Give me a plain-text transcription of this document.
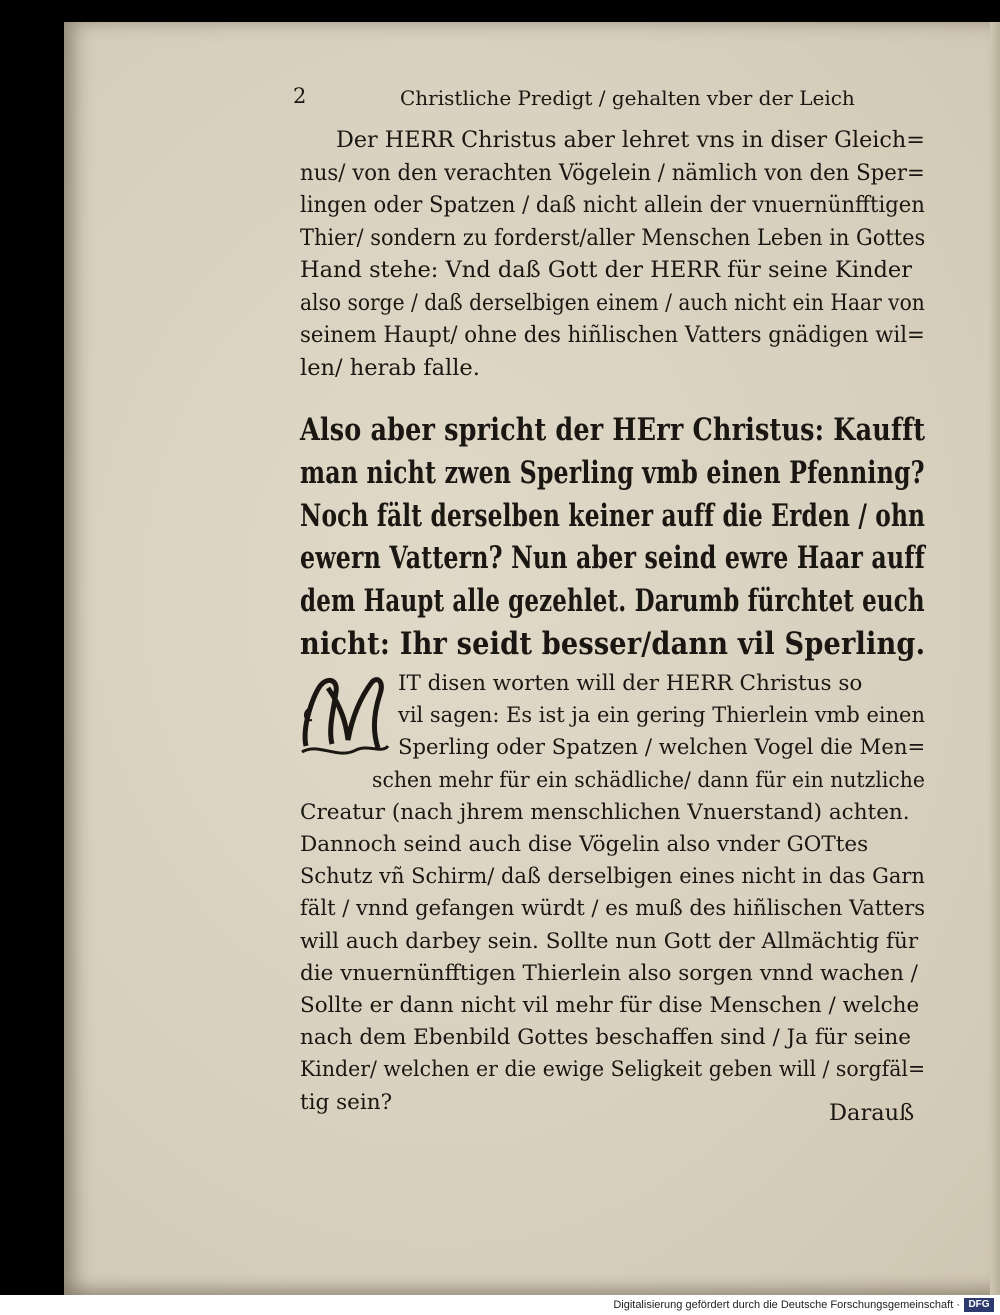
2	Christliche Predigt / gehalten vber der Leich
Der HERR Christus aber lehret vns in diser Gleich=
nus/ von den verachten Vögelein / nämlich von den Sper=
lingen oder Spatzen / daß nicht allein der vnuernünfftigen
Thier/ sondern zu forderst/aller Menschen Leben in Gottes
Hand stehe: Vnd daß Gott der HERR für seine Kinder
also sorge / daß derselbigen einem / auch nicht ein Haar von
seinem Haupt/ ohne des hiñlischen Vatters gnädigen wil=
len/ herab falle.
Also aber spricht der HErr Christus: Kaufft
man nicht zwen Sperling vmb einen Pfenning?
Noch fält derselben keiner auff die Erden / ohn
ewern Vattern? Nun aber seind ewre Haar auff
dem Haupt alle gezehlet. Darumb fürchtet euch
nicht: Ihr seidt besser/dann vil Sperling.
IT disen worten will der HERR Christus so
vil sagen: Es ist ja ein gering Thierlein vmb einen
Sperling oder Spatzen / welchen Vogel die Men=
schen mehr für ein schädliche/ dann für ein nutzliche
Creatur (nach jhrem menschlichen Vnuerstand) achten.
Dannoch seind auch dise Vögelin also vnder GOTtes
Schutz vñ Schirm/ daß derselbigen eines nicht in das Garn
fält / vnnd gefangen würdt / es muß des hiñlischen Vatters
will auch darbey sein. Sollte nun Gott der Allmächtig für
die vnuernünfftigen Thierlein also sorgen vnnd wachen /
Sollte er dann nicht vil mehr für dise Menschen / welche
nach dem Ebenbild Gottes beschaffen sind / Ja für seine
Kinder/ welchen er die ewige Seligkeit geben will / sorgfäl=
tig sein?	Darauß
Digitalisierung gefördert durch die Deutsche Forschungsgemeinschaft · DFG
